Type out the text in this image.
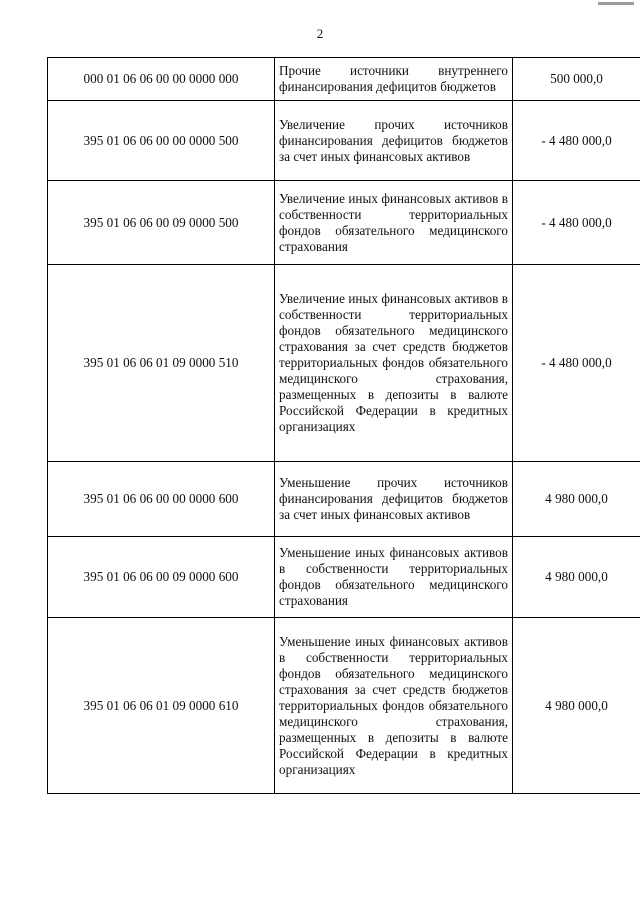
2
000 01 06 06 00 00 0000 000	Прочие источники внутреннего финансирования дефицитов бюджетов	500 000,0
395 01 06 06 00 00 0000 500	Увеличение прочих источников финансирования дефицитов бюджетов за счет иных финансовых активов	- 4 480 000,0
395 01 06 06 00 09 0000 500	Увеличение иных финансовых активов в собственности территориальных фондов обязательного медицинского страхования	- 4 480 000,0
395 01 06 06 01 09 0000 510	Увеличение иных финансовых активов в собственности территориальных фондов обязательного медицинского страхования за счет средств бюджетов территориальных фондов обязательного медицинского страхования, размещенных в депозиты в валюте Российской Федерации в кредитных организациях	- 4 480 000,0
395 01 06 06 00 00 0000 600	Уменьшение прочих источников финансирования дефицитов бюджетов за счет иных финансовых активов	4 980 000,0
395 01 06 06 00 09 0000 600	Уменьшение иных финансовых активов в собственности территориальных фондов обязательного медицинского страхования	4 980 000,0
395 01 06 06 01 09 0000 610	Уменьшение иных финансовых активов в собственности территориальных фондов обязательного медицинского страхования за счет средств бюджетов территориальных фондов обязательного медицинского страхования, размещенных в депозиты в валюте Российской Федерации в кредитных организациях	4 980 000,0
